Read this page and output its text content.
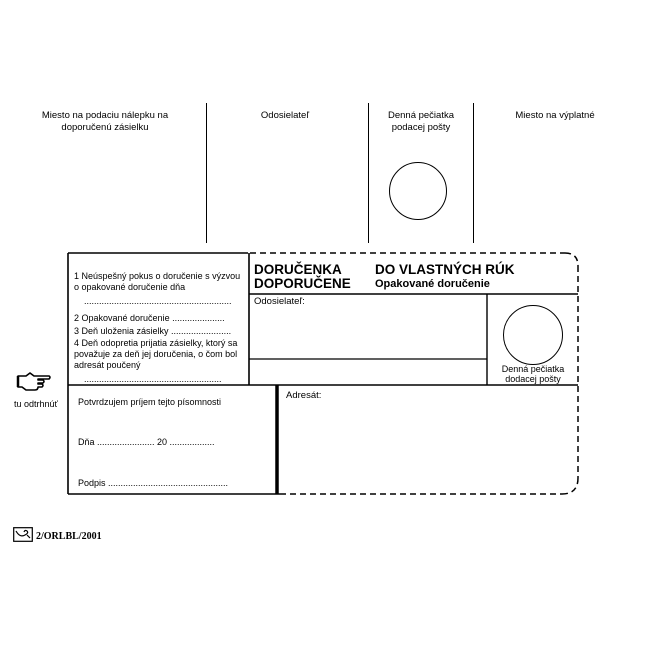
Miesto na podaciu nálepku na doporučenú zásielku
Odosielateľ	Denná pečiatka podacej pošty
Miesto na výplatné
tu odtrhnúť
1 Neúspešný pokus o doručenie s výzvou o opakované doručenie dňa
...........................................................
2 Opakované doručenie .....................
3 Deň uloženia zásielky ........................
4 Deň odopretia prijatia zásielky, ktorý sa považuje za deň jej doručenia, o čom bol adresát poučený
.......................................................
Potvrdzujem príjem tejto písomnosti
Dňa ....................... 20 ..................
Podpis ................................................
DORUČENKA
DOPORUČENE
DO VLASTNÝCH RÚK
Opakované doručenie
Odosielateľ:
Denná pečiatka dodacej pošty
Adresát:
2/ORLBL/2001
